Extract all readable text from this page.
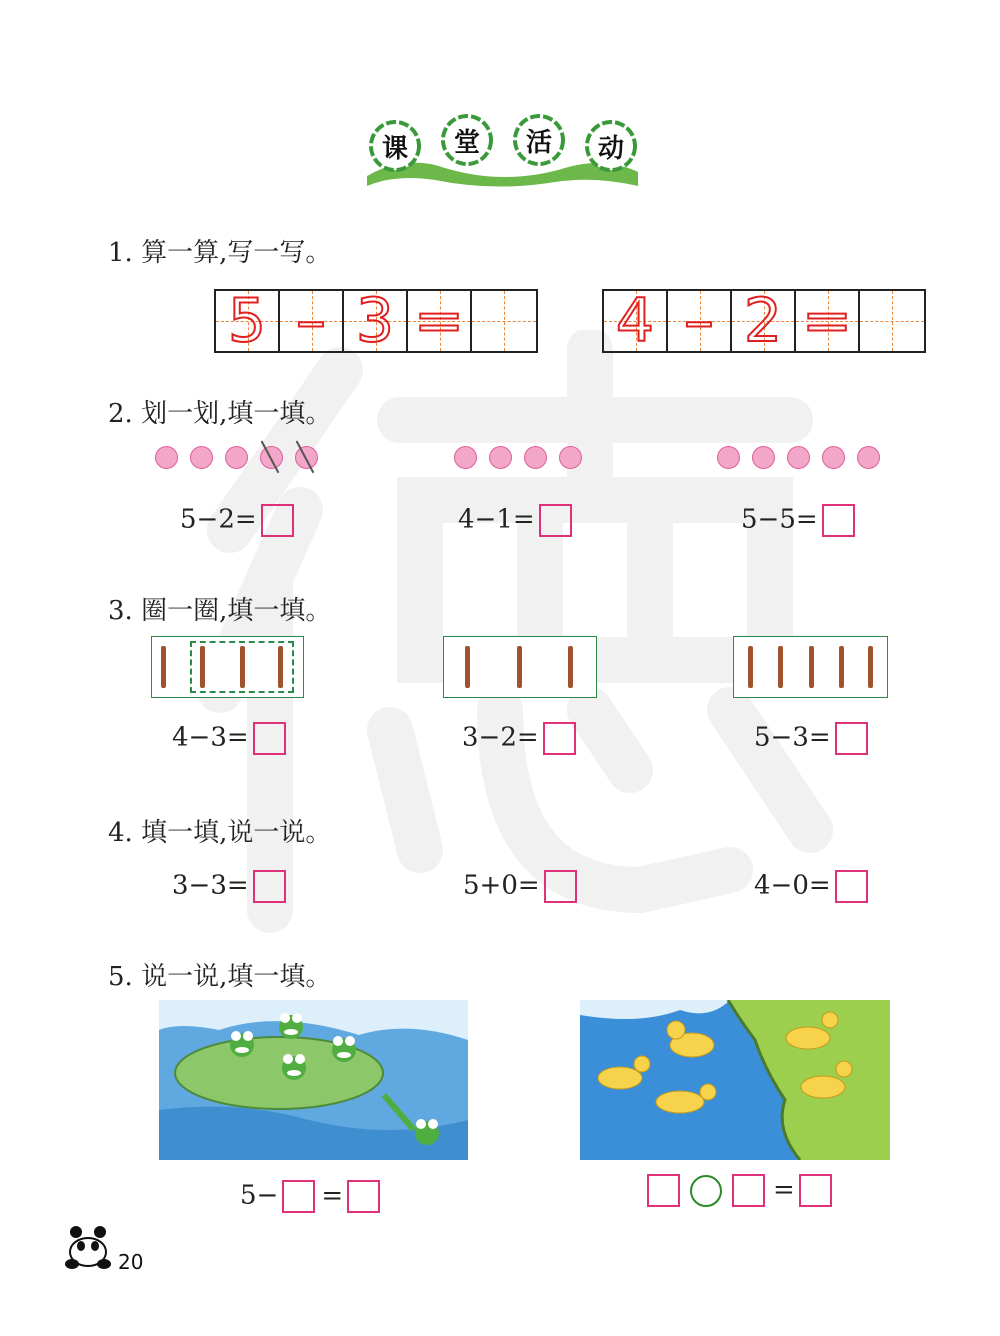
课	堂	活	动
1. 算一算,写一写。
5 – 3 =	4 – 2 =
2. 划一划,填一填。
5−2=	4−1=	5−5=
3. 圈一圈,填一填。
4−3=	3−2=	5−3=
4. 填一填,说一说。
3−3=	5+0=	4−0=
5. 说一说,填一填。
5− =	=
20
